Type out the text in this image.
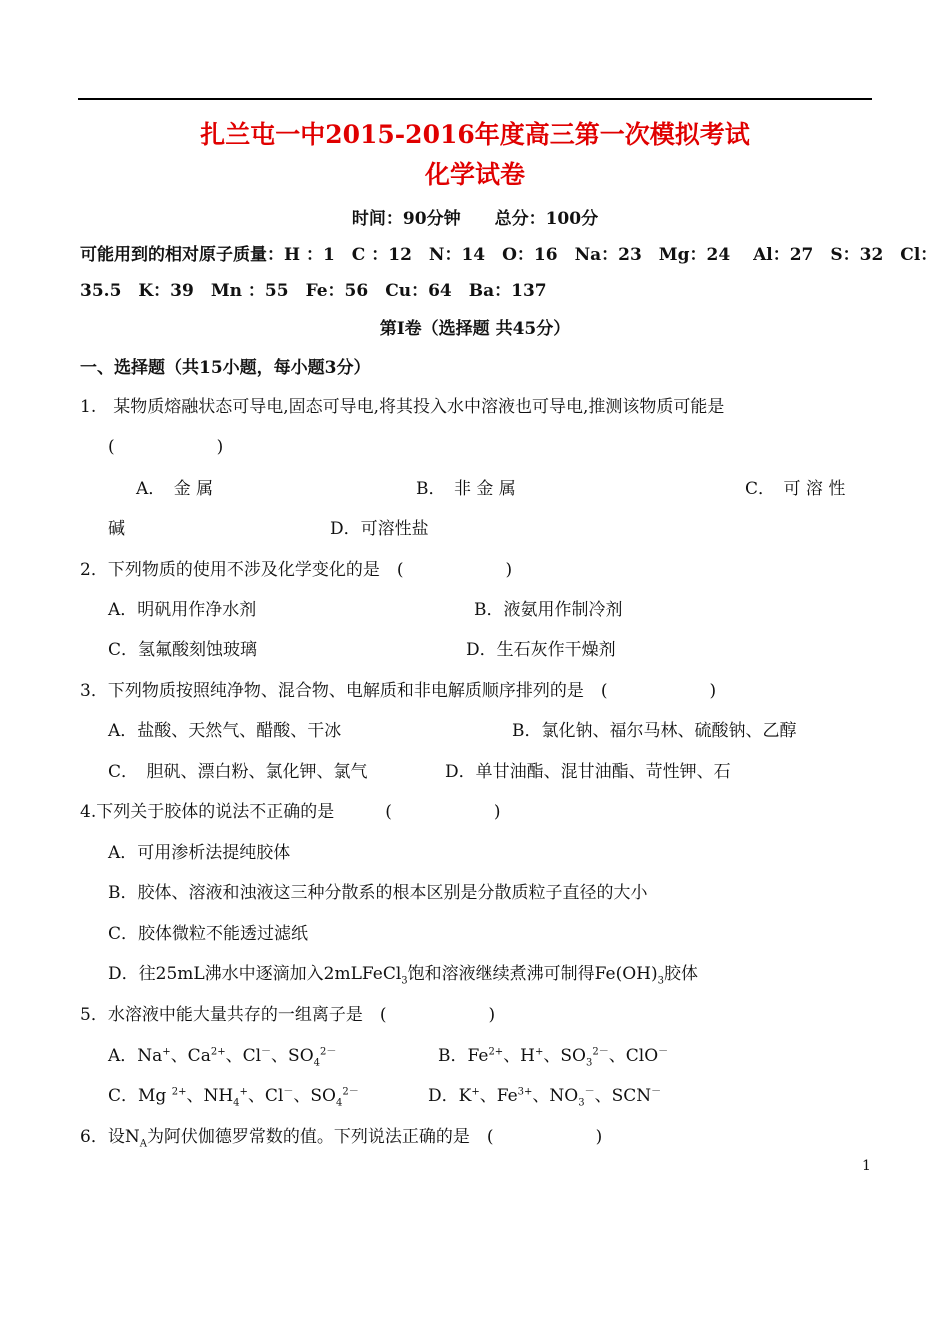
扎兰屯一中2015-2016年度高三第一次模拟考试
化学试卷
时间：90分钟　　总分：100分
可能用到的相对原子质量：H ：1　C ：12　N：14　O：16　Na：23　Mg：24　 Al：27　S：32　Cl：
35.5　K：39　Mn ：55　Fe：56　Cu：64　Ba：137
第Ⅰ卷（选择题 共45分）
一、选择题（共15小题，每小题3分）
1.　某物质熔融状态可导电,固态可导电,将其投入水中溶液也可导电,推测该物质可能是
(　　　　　　)
A．　金 属	B．　非 金 属	C．　可 溶 性
碱	D．可溶性盐
2．下列物质的使用不涉及化学变化的是　(　　　　　　)
A．明矾用作净水剂	B．液氨用作制冷剂
C．氢氟酸刻蚀玻璃	D．生石灰作干燥剂
3．下列物质按照纯净物、混合物、电解质和非电解质顺序排列的是　(　　　　　　)
A．盐酸、天然气、醋酸、干冰	B．氯化钠、福尔马林、硫酸钠、乙醇
C．　胆矾、漂白粉、氯化钾、氯气	D．单甘油酯、混甘油酯、苛性钾、石
4.下列关于胶体的说法不正确的是　　　(　　　　　　)
A．可用渗析法提纯胶体
B．胶体、溶液和浊液这三种分散系的根本区别是分散质粒子直径的大小
C．胶体微粒不能透过滤纸
D．往25mL沸水中逐滴加入2mLFeCl$_3$饱和溶液继续煮沸可制得$Fe(OH)_3$胶体
5．水溶液中能大量共存的一组离子是　(　　　　　　)
A．Na+、$Ca^{2+}$、Cl－、$SO_4^{2-}$	B．$Fe^{2+}$、H+、$SO_3^{2-}$、ClO－
C．Mg $^{2+}$、$NH_4^+$、Cl－、$SO_4^{2-}$	D．K+、$Fe^{3+}$、$NO_3^-$、SCN－
6．设$N_A$为阿伏伽德罗常数的值。下列说法正确的是　(　　　　　　)
1
